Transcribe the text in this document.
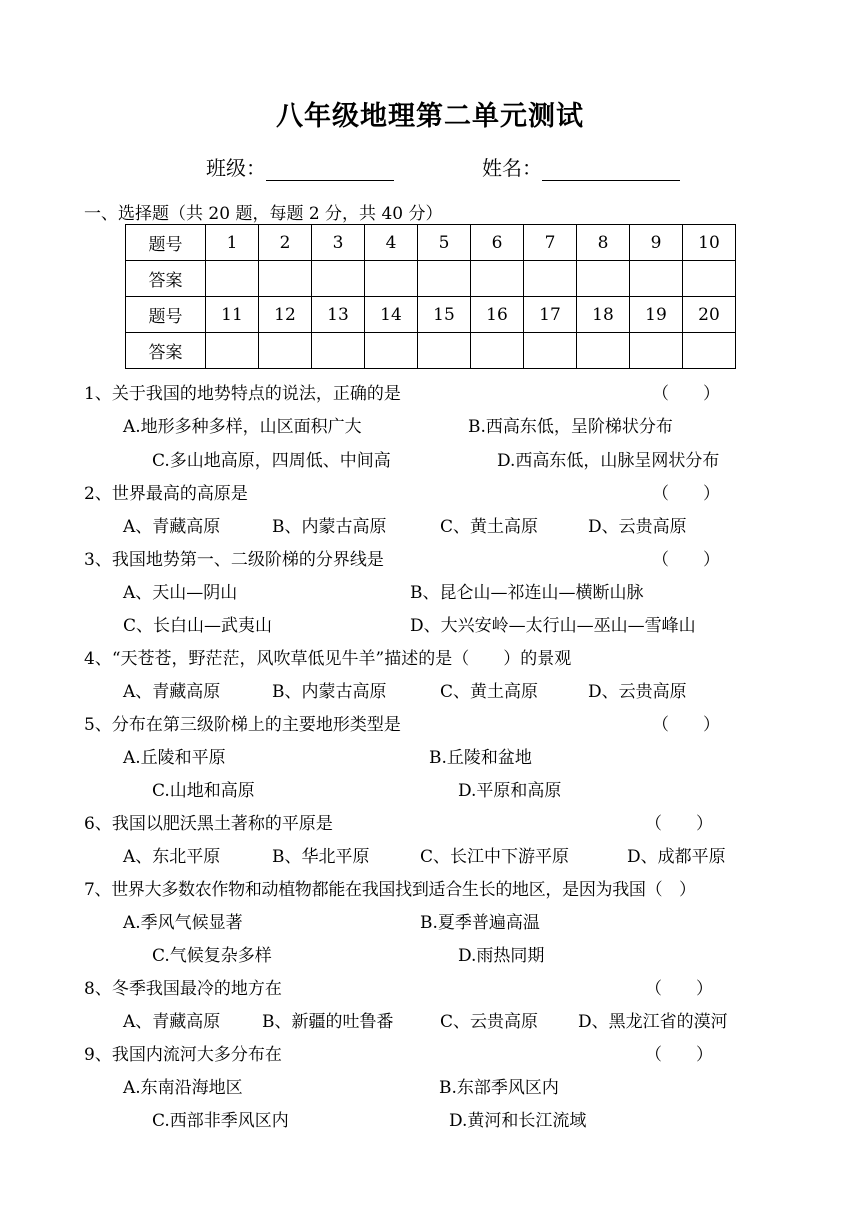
八年级地理第二单元测试
班级：	姓名：
一、选择题（共 20 题，每题 2 分，共 40 分）
题号	1	2	3	4	5	6	7	8	9	10
答案										
题号	11	12	13	14	15	16	17	18	19	20
答案										
1、关于我国的地势特点的说法，正确的是	（　　）
A.地形多种多样，山区面积广大	B.西高东低，呈阶梯状分布
C.多山地高原，四周低、中间高	D.西高东低，山脉呈网状分布
2、世界最高的高原是	（　　）
A、青藏高原	B、内蒙古高原	C、黄土高原	D、云贵高原
3、我国地势第一、二级阶梯的分界线是	（　　）
A、天山—阴山	B、昆仑山—祁连山—横断山脉
C、长白山—武夷山	D、大兴安岭—太行山—巫山—雪峰山
4、“天苍苍，野茫茫，风吹草低见牛羊”描述的是（　　）的景观
A、青藏高原	B、内蒙古高原	C、黄土高原	D、云贵高原
5、分布在第三级阶梯上的主要地形类型是	（　　）
A.丘陵和平原	B.丘陵和盆地
C.山地和高原	D.平原和高原
6、我国以肥沃黑土著称的平原是	（　　）
A、东北平原	B、华北平原	C、长江中下游平原	D、成都平原
7、世界大多数农作物和动植物都能在我国找到适合生长的地区，是因为我国（　）
A.季风气候显著	B.夏季普遍高温
C.气候复杂多样	D.雨热同期
8、冬季我国最冷的地方在	（　　）
A、青藏高原 B、新疆的吐鲁番	C、云贵高原 D、黑龙江省的漠河
9、我国内流河大多分布在	（　　）
A.东南沿海地区	B.东部季风区内
C.西部非季风区内	D.黄河和长江流域
